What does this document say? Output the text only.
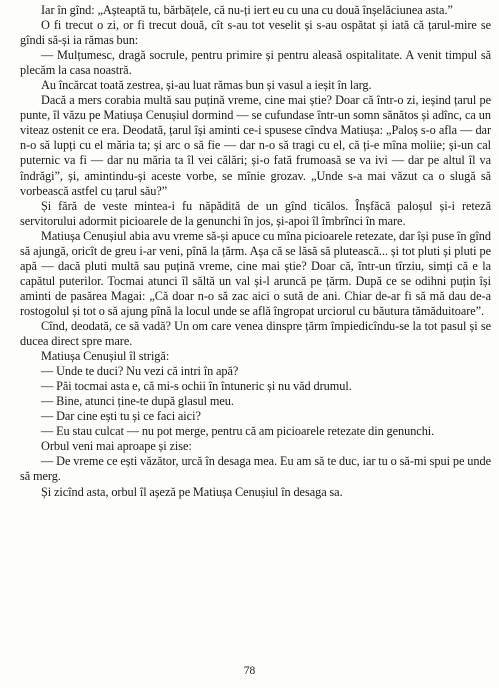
Iar în gînd: „Așteaptă tu, bărbățele, că nu-ți iert eu cu una cu două înșelăciunea asta.”

O fi trecut o zi, or fi trecut două, cît s-au tot veselit și s-au ospătat și iată că țarul-mire se gîndi să-și ia rămas bun:

— Mulțumesc, dragă socrule, pentru primire și pentru aleasă ospitalitate. A venit timpul să plecăm la casa noastră.

Au încărcat toată zestrea, și-au luat rămas bun și vasul a ieșit în larg.

Dacă a mers corabia multă sau puțină vreme, cine mai știe? Doar că într-o zi, ieșind țarul pe punte, îl văzu pe Matiușa Cenușiul dormind — se cufundase într-un somn sănătos și adînc, ca un viteaz ostenit ce era. Deodată, țarul își aminti ce-i spusese cîndva Matiușa: „Paloș s-o afla — dar n-o să lupți cu el măria ta; și arc o să fie — dar n-o să tragi cu el, că ți-e mîna moliie; și-un cal puternic va fi — dar nu măria ta îl vei călări; și-o fată frumoasă se va ivi — dar pe altul îl va îndrăgi”, și, amintindu-și aceste vorbe, se mînie grozav. „Unde s-a mai văzut ca o slugă să vorbească astfel cu țarul său?”

Și fără de veste mintea-i fu năpădită de un gînd ticălos. Înșfăcă paloșul și-i reteză servitorului adormit picioarele de la genunchi în jos, și-apoi îl îmbrînci în mare.

Matiușa Cenușiul abia avu vreme să-și apuce cu mîna picioarele retezate, dar își puse în gînd să ajungă, oricît de greu i-ar veni, pînă la țărm. Așa că se lăsă să plutească... și tot pluti și pluti pe apă — dacă pluti multă sau puțină vreme, cine mai știe? Doar că, într-un tîrziu, simți că e la capătul puterilor. Tocmai atunci îl săltă un val și-l aruncă pe țărm. După ce se odihni puțin își aminti de pasărea Magai: „Că doar n-o să zac aici o sută de ani. Chiar de-ar fi să mă dau de-a rostogolul și tot o să ajung pînă la locul unde se află îngropat urciorul cu băutura tămăduitoare”.

Cînd, deodată, ce să vadă? Un om care venea dinspre țărm împiedicîndu-se la tot pasul și se ducea direct spre mare.

Matiușa Cenușiul îl strigă:

— Unde te duci? Nu vezi că intri în apă?

— Păi tocmai asta e, că mi-s ochii în întuneric și nu văd drumul.

— Bine, atunci ține-te după glasul meu.

— Dar cine ești tu și ce faci aici?

— Eu stau culcat — nu pot merge, pentru că am picioarele retezate din genunchi.

Orbul veni mai aproape și zise:

— De vreme ce ești văzător, urcă în desaga mea. Eu am să te duc, iar tu o să-mi spui pe unde să merg.

Și zicînd asta, orbul îl așeză pe Matiușa Cenușiul în desaga sa.

78
